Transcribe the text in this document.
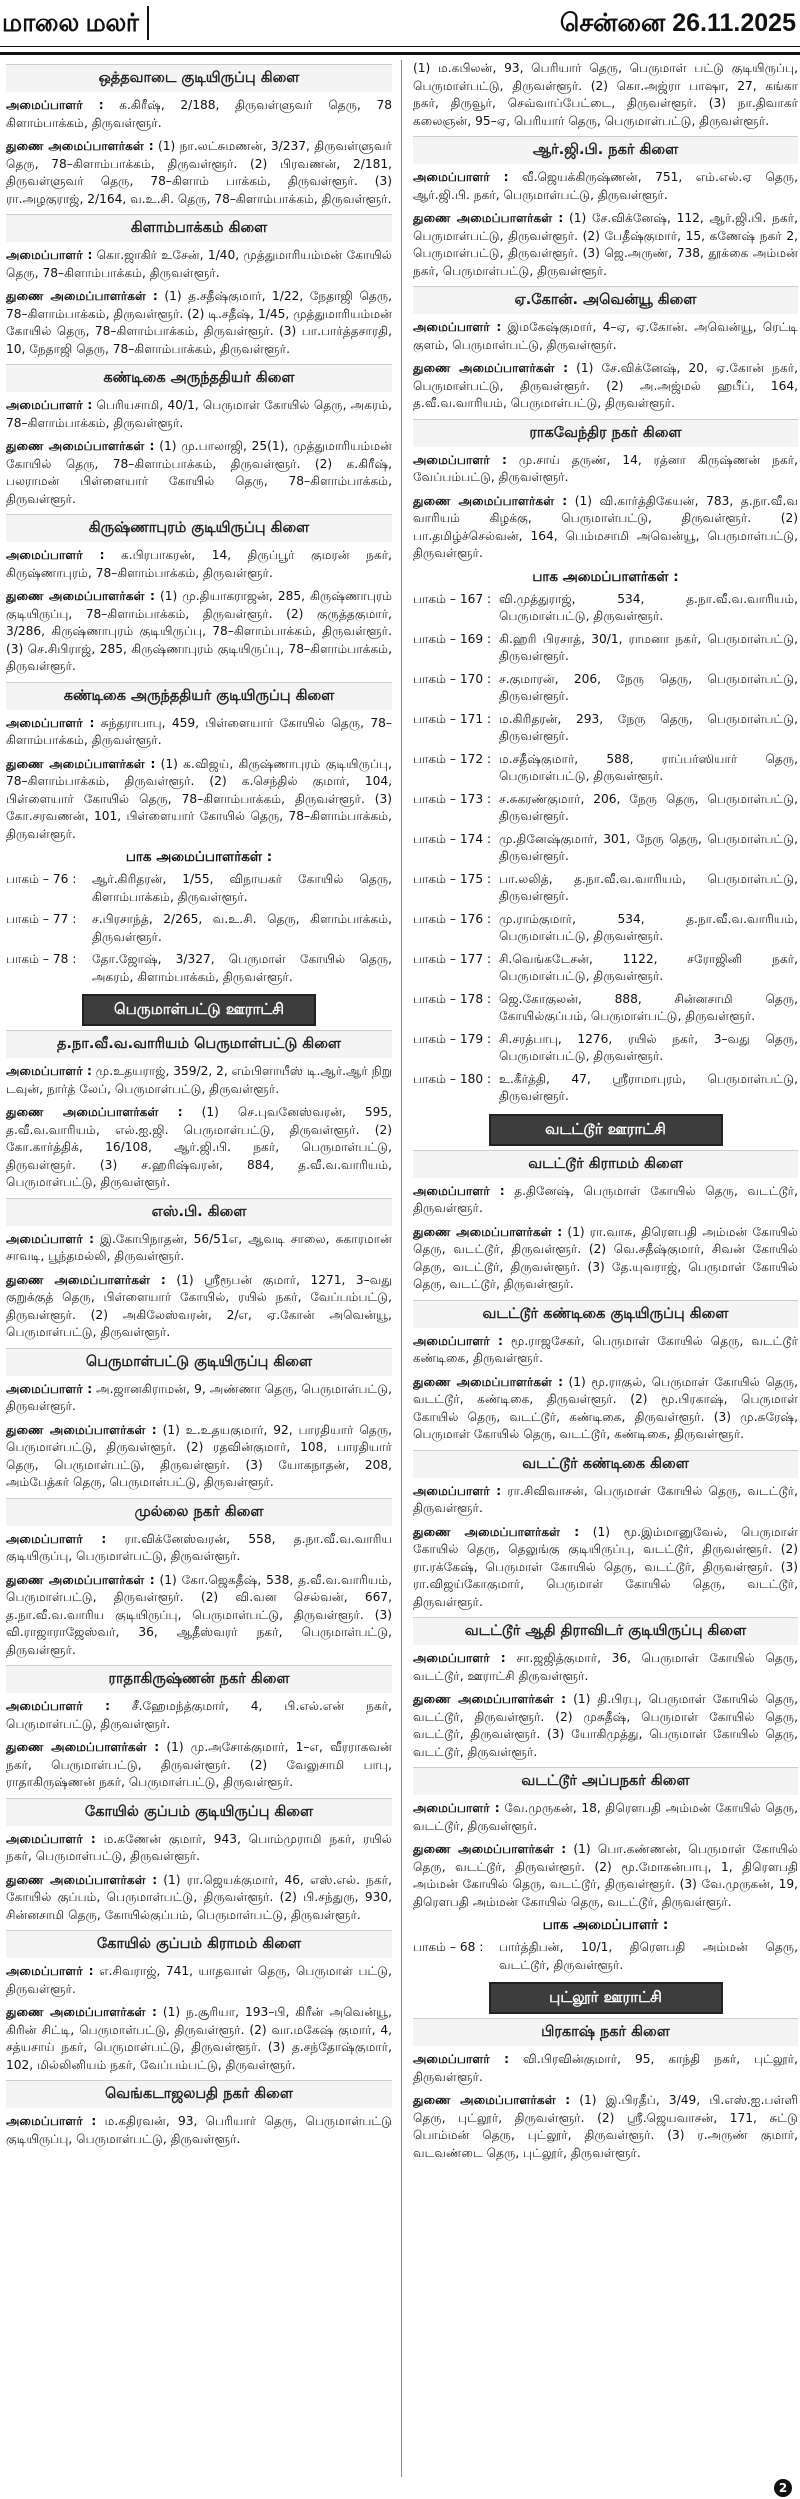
மாலை மலர்	சென்னை 26.11.2025
ஒத்தவாடை குடியிருப்பு கிளை

அமைப்பாளர் : க.கிரீஷ், 2/188, திருவள்ளுவர் தெரு, 78 கிளாம்பாக்கம், திருவள்ளூர்.

துணை அமைப்பாளர்கள் : (1) நா.லட்சுமணன், 3/237, திருவள்ளுவர் தெரு, 78–கிளாம்பாக்கம், திருவள்ளூர். (2) பிரவணன், 2/181, திருவள்ளுவர் தெரு, 78–கிளாம் பாக்கம், திருவள்ளூர். (3) ரா.அழகுராஜ், 2/164, வ.உ.சி. தெரு, 78–கிளாம்பாக்கம், திருவள்ளூர்.

கிளாம்பாக்கம் கிளை

அமைப்பாளர் : கொ.ஜாகிர் உசேன், 1/40, முத்துமாரியம்மன் கோயில் தெரு, 78–கிளாம்பாக்கம், திருவள்ளூர்.

துணை அமைப்பாளர்கள் : (1) த.சதீஷ்குமார், 1/22, நேதாஜி தெரு, 78–கிளாம்பாக்கம், திருவள்ளூர். (2) டி.சதீஷ், 1/45, முத்துமாரியம்மன் கோயில் தெரு, 78–கிளாம்பாக்கம், திருவள்ளூர். (3) பா.பார்த்தசாரதி, 10, நேதாஜி தெரு, 78–கிளாம்பாக்கம், திருவள்ளூர்.

கண்டிகை அருந்ததியர் கிளை

அமைப்பாளர் : பெரியசாமி, 40/1, பெருமாள் கோயில் தெரு, அகரம், 78–கிளாம்பாக்கம், திருவள்ளூர்.

துணை அமைப்பாளர்கள் : (1) மு.பாலாஜி, 25(1), முத்துமாரியம்மன் கோயில் தெரு, 78–கிளாம்பாக்கம், திருவள்ளூர். (2) க.கிரீஷ், பலராமன் பிள்ளையார் கோயில் தெரு, 78–கிளாம்பாக்கம், திருவள்ளூர்.

கிருஷ்ணாபுரம் குடியிருப்பு கிளை

அமைப்பாளர் : க.பிரபாகரன், 14, திருப்பூர் குமரன் நகர், கிருஷ்ணாபுரம், 78–கிளாம்பாக்கம், திருவள்ளூர்.

துணை அமைப்பாளர்கள் : (1) மு.தியாகராஜன், 285, கிருஷ்ணாபுரம் குடியிருப்பு, 78–கிளாம்பாக்கம், திருவள்ளூர். (2) குருத்தகுமார், 3/286, கிருஷ்ணாபுரம் குடியிருப்பு, 78–கிளாம்பாக்கம், திருவள்ளூர். (3) செ.சிபிராஜ், 285, கிருஷ்ணாபுரம் குடியிருப்பு, 78–கிளாம்பாக்கம், திருவள்ளூர்.

கண்டிகை அருந்ததியர் குடியிருப்பு கிளை

அமைப்பாளர் : சுந்தராபாபு, 459, பிள்ளையார் கோயில் தெரு, 78–கிளாம்பாக்கம், திருவள்ளூர்.

துணை அமைப்பாளர்கள் : (1) க.விஜய், கிருஷ்ணாபுரம் குடியிருப்பு, 78–கிளாம்பாக்கம், திருவள்ளூர். (2) க.செந்தில் குமார், 104, பிள்ளையார் கோயில் தெரு, 78–கிளாம்பாக்கம், திருவள்ளூர். (3) கோ.சரவணன், 101, பிள்ளையார் கோயில் தெரு, 78–கிளாம்பாக்கம், திருவள்ளூர்.

பாக அமைப்பாளர்கள் :
பாகம் – 76 :	ஆர்.கிரிதரன், 1/55, விநாயகர் கோயில் தெரு, கிளாம்பாக்கம், திருவள்ளூர்.
பாகம் – 77 :	ச.பிரசாந்த், 2/265, வ.உ.சி. தெரு, கிளாம்பாக்கம், திருவள்ளூர்.
பாகம் – 78 :	தோ.ஜோஷ், 3/327, பெருமாள் கோயில் தெரு, அகரம், கிளாம்பாக்கம், திருவள்ளூர்.
பெருமாள்பட்டு ஊராட்சி
த.நா.வீ.வ.வாரியம் பெருமாள்பட்டு கிளை

அமைப்பாளர் : மு.உதயராஜ், 359/2, 2, எம்பிளாயீஸ் டி.ஆர்.ஆர் நிறு டவுன், நார்த் லேப், பெருமாள்பட்டு, திருவள்ளூர்.

துணை அமைப்பாளர்கள் : (1) செ.புவனேஸ்வரன், 595, த.வீ.வ.வாரியம், எல்.ஐ.ஜி. பெருமாள்பட்டு, திருவள்ளூர். (2) கோ.கார்த்திக், 16/108, ஆர்.ஜி.பி. நகர், பெருமாள்பட்டு, திருவள்ளூர். (3) ச.ஹரிஷ்வரன், 884, த.வீ.வ.வாரியம், பெருமாள்பட்டு, திருவள்ளூர்.

எஸ்.பி. கிளை

அமைப்பாளர் : இ.கோபிநாதன், 56/51எ, ஆவடி சாலை, சுகாரமான் சாவடி, பூந்தமல்லி, திருவள்ளூர்.

துணை அமைப்பாளர்கள் : (1) ஸ்ரீரூபன் குமார், 1271, 3–வது குறுக்குத் தெரு, பிள்ளையார் கோயில், ரயில் நகர், வேப்பம்பட்டு, திருவள்ளூர். (2) அகிலேஸ்வரன், 2/எ, ஏ.கோன் அவென்யூ, பெருமாள்பட்டு, திருவள்ளூர்.

பெருமாள்பட்டு குடியிருப்பு கிளை

அமைப்பாளர் : அ.ஜானகிராமன், 9, அண்ணா தெரு, பெருமாள்பட்டு, திருவள்ளூர்.

துணை அமைப்பாளர்கள் : (1) உ.உதயகுமார், 92, பாரதியார் தெரு, பெருமாள்பட்டு, திருவள்ளூர். (2) ரதவின்குமார், 108, பாரதியார் தெரு, பெருமாள்பட்டு, திருவள்ளூர். (3) யோகநாதன், 208, அம்பேத்கர் தெரு, பெருமாள்பட்டு, திருவள்ளூர்.

முல்லை நகர் கிளை

அமைப்பாளர் : ரா.விக்னேஸ்வரன், 558, த.நா.வீ.வ.வாரிய குடியிருப்பு, பெருமாள்பட்டு, திருவள்ளூர்.

துணை அமைப்பாளர்கள் : (1) கோ.ஜெகதீஷ், 538, த.வீ.வ.வாரியம், பெருமாள்பட்டு, திருவள்ளூர். (2) வி.வன செல்வன், 667, த.நா.வீ.வ.வாரிய குடியிருப்பு, பெருமாள்பட்டு, திருவள்ளூர். (3) வி.ராஜாராஜேஸ்வர், 36, ஆதீஸ்வரர் நகர், பெருமாள்பட்டு, திருவள்ளூர்.

ராதாகிருஷ்ணன் நகர் கிளை

அமைப்பாளர் : சீ.ஹேமந்த்குமார், 4, பி.எல்.என் நகர், பெருமாள்பட்டு, திருவள்ளூர்.

துணை அமைப்பாளர்கள் : (1) மு.அசோக்குமார், 1–எ, வீரராகவன் நகர், பெருமாள்பட்டு, திருவள்ளூர். (2) வேலுசாமி பாபு, ராதாகிருஷ்ணன் நகர், பெருமாள்பட்டு, திருவள்ளூர்.

கோயில் குப்பம் குடியிருப்பு கிளை

அமைப்பாளர் : ம.கணேன் குமார், 943, பொம்முராமி நகர், ரயில் நகர், பெருமாள்பட்டு, திருவள்ளூர்.

துணை அமைப்பாளர்கள் : (1) ரா.ஜெயக்குமார், 46, எஸ்.எல். நகர், கோயில் குப்பம், பெருமாள்பட்டு, திருவள்ளூர். (2) பி.சந்துரு, 930, சின்னசாமி தெரு, கோயில்குப்பம், பெருமாள்பட்டு, திருவள்ளூர்.

கோயில் குப்பம் கிராமம் கிளை

அமைப்பாளர் : எ.சிவராஜ், 741, யாதவாள் தெரு, பெருமாள் பட்டு, திருவள்ளூர்.

துணை அமைப்பாளர்கள் : (1) ந.சூரியா, 193–பி, கிரீன் அவென்யூ, கிரின் சிட்டி, பெருமாள்பட்டு, திருவள்ளூர். (2) வா.மகேஷ் குமார், 4, சத்யசாய் நகர், பெருமாள்பட்டு, திருவள்ளூர். (3) த.சந்தோஷ்குமார், 102, மில்லினியம் நகர், வேப்பம்பட்டு, திருவள்ளூர்.

வெங்கடாஜலபதி நகர் கிளை

அமைப்பாளர் : ம.கதிரவன், 93, பெரியார் தெரு, பெருமாள்பட்டு குடியிருப்பு, பெருமாள்பட்டு, திருவள்ளூர்.

(1) ம.கபிலன், 93, பெரியார் தெரு, பெருமாள் பட்டு குடியிருப்பு, பெருமாள்பட்டு, திருவள்ளூர். (2) கொ.அஜ்ரா பாஷா, 27, கங்கா நகர், திருவூர், செவ்வாப்பேட்டை, திருவள்ளூர். (3) நா.திவாகர் கலைஞன், 95–ஏ, பெரியார் தெரு, பெருமாள்பட்டு, திருவள்ளூர்.

ஆர்.ஜி.பி. நகர் கிளை

அமைப்பாளர் : வீ.ஜெயக்கிருஷ்ணன், 751, எம்.எல்.ஏ தெரு, ஆர்.ஜி.பி. நகர், பெருமாள்பட்டு, திருவள்ளூர்.

துணை அமைப்பாளர்கள் : (1) சே.விக்னேஷ், 112, ஆர்.ஜி.பி. நகர், பெருமாள்பட்டு, திருவள்ளூர். (2) பேதீஷ்குமார், 15, கணேஷ் நகர் 2, பெருமாள்பட்டு, திருவள்ளூர். (3) ஜெ.அருண், 738, தூக்கை அம்மன் நகர், பெருமாள்பட்டு, திருவள்ளூர்.

ஏ.கோன். அவென்யூ கிளை

அமைப்பாளர் : இமகேஷ்குமார், 4–ஏ, ஏ.கோன். அவென்யூ, ரெட்டி குளம், பெருமாள்பட்டு, திருவள்ளூர்.

துணை அமைப்பாளர்கள் : (1) சே.விக்னேஷ், 20, ஏ.கோன் நகர், பெருமாள்பட்டு, திருவள்ளூர். (2) அ.அஜ்மல் ஹபீப், 164, த.வீ.வ.வாரியம், பெருமாள்பட்டு, திருவள்ளூர்.

ராகவேந்திர நகர் கிளை

அமைப்பாளர் : மு.சாய் தருண், 14, ரத்னா கிருஷ்ணன் நகர், வேப்பம்பட்டு, திருவள்ளூர்.

துணை அமைப்பாளர்கள் : (1) வி.கார்த்திகேயன், 783, த.நா.வீ.வ வாரியம் கிழக்கு, பெருமாள்பட்டு, திருவள்ளூர். (2) பா.தமிழ்ச்செல்வன், 164, பெம்மசாமி அவென்யூ, பெருமாள்பட்டு, திருவள்ளூர்.

பாக அமைப்பாளர்கள் :
பாகம் – 167 : வி.முத்துராஜ், 534, த.நா.வீ.வ.வாரியம், பெருமாள்பட்டு, திருவள்ளூர்.
பாகம் – 169 : கி.ஹரி பிரசாத், 30/1, ராமனா நகர், பெருமாள்பட்டு, திருவள்ளூர்.
பாகம் – 170 : ச.குமாரன், 206, நேரு தெரு, பெருமாள்பட்டு, திருவள்ளூர்.
பாகம் – 171 : ம.கிரிதரன், 293, நேரு தெரு, பெருமாள்பட்டு, திருவள்ளூர்.
பாகம் – 172 : ம.சதீஷ்குமார், 588, ராப்பர்ஸியார் தெரு, பெருமாள்பட்டு, திருவள்ளூர்.
பாகம் – 173 : ச.சுகரண்குமார், 206, நேரு தெரு, பெருமாள்பட்டு, திருவள்ளூர்.
பாகம் – 174 : மு.தினேஷ்குமார், 301, நேரு தெரு, பெருமாள்பட்டு, திருவள்ளூர்.
பாகம் – 175 : பா.லலித், த.நா.வீ.வ.வாரியம், பெருமாள்பட்டு, திருவள்ளூர்.
பாகம் – 176 : மு.ராம்குமார், 534, த.நா.வீ.வ.வாரியம், பெருமாள்பட்டு, திருவள்ளூர்.
பாகம் – 177 : சி.வெங்கடேசன், 1122, சரோஜினி நகர், பெருமாள்பட்டு, திருவள்ளூர்.
பாகம் – 178 : ஜெ.கோகுலன், 888, சின்னசாமி தெரு, கோயில்குப்பம், பெருமாள்பட்டு, திருவள்ளூர்.
பாகம் – 179 : சி.சரத்பாபு, 1276, ரயில் நகர், 3–வது தெரு, பெருமாள்பட்டு, திருவள்ளூர்.
பாகம் – 180 : உ.கீர்த்தி, 47, ஸ்ரீராமாபுரம், பெருமாள்பட்டு, திருவள்ளூர்.
வடட்டூர் ஊராட்சி
வடட்டூர் கிராமம் கிளை

அமைப்பாளர் : த.தினேஷ், பெருமாள் கோயில் தெரு, வடட்டூர், திருவள்ளூர்.

துணை அமைப்பாளர்கள் : (1) ரா.வாசு, திரௌபதி அம்மன் கோயில் தெரு, வடட்டூர், திருவள்ளூர். (2) வெ.சதீஷ்குமார், சிவன் கோயில் தெரு, வடட்டூர், திருவள்ளூர். (3) தே.யுவராஜ், பெருமாள் கோயில் தெரு, வடட்டூர், திருவள்ளூர்.

வடட்டூர் கண்டிகை குடியிருப்பு கிளை

அமைப்பாளர் : மூ.ராஜசேகர், பெருமாள் கோயில் தெரு, வடட்டூர் கண்டிகை, திருவள்ளூர்.

துணை அமைப்பாளர்கள் : (1) மூ.ராகுல், பெருமாள் கோயில் தெரு, வடட்டூர், கண்டிகை, திருவள்ளூர். (2) மூ.பிரகாஷ், பெருமாள் கோயில் தெரு, வடட்டூர், கண்டிகை, திருவள்ளூர். (3) மு.சுரேஷ், பெருமாள் கோயில் தெரு, வடட்டூர், கண்டிகை, திருவள்ளூர்.

வடட்டூர் கண்டிகை கிளை

அமைப்பாளர் : ரா.சிவிவாசன், பெருமாள் கோயில் தெரு, வடட்டூர், திருவள்ளூர்.

துணை அமைப்பாளர்கள் : (1) மூ.இம்மானுவேல், பெருமாள் கோயில் தெரு, தெலுங்கு குடியிருப்பு, வடட்டூர், திருவள்ளூர். (2) ரா.ரக்கேஷ், பெருமாள் கோயில் தெரு, வடட்டூர், திருவள்ளூர். (3) ரா.விஜய்கோகுமார், பெருமாள் கோயில் தெரு, வடட்டூர், திருவள்ளூர்.

வடட்டூர் ஆதி திராவிடர் குடியிருப்பு கிளை

அமைப்பாளர் : சா.ஜஜித்குமார், 36, பெருமாள் கோயில் தெரு, வடட்டூர், ஊராட்சி திருவள்ளூர்.

துணை அமைப்பாளர்கள் : (1) தி.பிரபு, பெருமாள் கோயில் தெரு, வடட்டூர், திருவள்ளூர். (2) முசுதீஷ், பெருமாள் கோயில் தெரு, வடட்டூர், திருவள்ளூர். (3) யோகிமுத்து, பெருமாள் கோயில் தெரு, வடட்டூர், திருவள்ளூர்.

வடட்டூர் அப்பநகர் கிளை

அமைப்பாளர் : வே.முருகன், 18, திரௌபதி அம்மன் கோயில் தெரு, வடட்டூர், திருவள்ளூர்.

துணை அமைப்பாளர்கள் : (1) பொ.கண்ணன், பெருமாள் கோயில் தெரு, வடட்டூர், திருவள்ளூர். (2) மூ.மோகன்பாபு, 1, திரௌபதி அம்மன் கோயில் தெரு, வடட்டூர், திருவள்ளூர். (3) வே.முருகன், 19, திரௌபதி அம்மன் கோயில் தெரு, வடட்டூர், திருவள்ளூர்.

பாக அமைப்பாளர் :
பாகம் – 68 :	பார்த்திபன், 10/1, திரௌபதி அம்மன் தெரு, வடட்டூர், திருவள்ளூர்.
புட்லூர் ஊராட்சி
பிரகாஷ் நகர் கிளை

அமைப்பாளர் : வி.பிரவின்குமார், 95, காந்தி நகர், புட்லூர், திருவள்ளூர்.

துணை அமைப்பாளர்கள் : (1) இ.பிரதீப், 3/49, பி.எஸ்.ஐ.பள்ளி தெரு, புட்லூர், திருவள்ளூர். (2) ஸ்ரீ.ஜெயவாசன், 171, சுட்டு பொம்மன் தெரு, புட்லூர், திருவள்ளூர். (3) ர.அருண் குமார், வடவண்டை தெரு, புட்லூர், திருவள்ளூர்.

2
